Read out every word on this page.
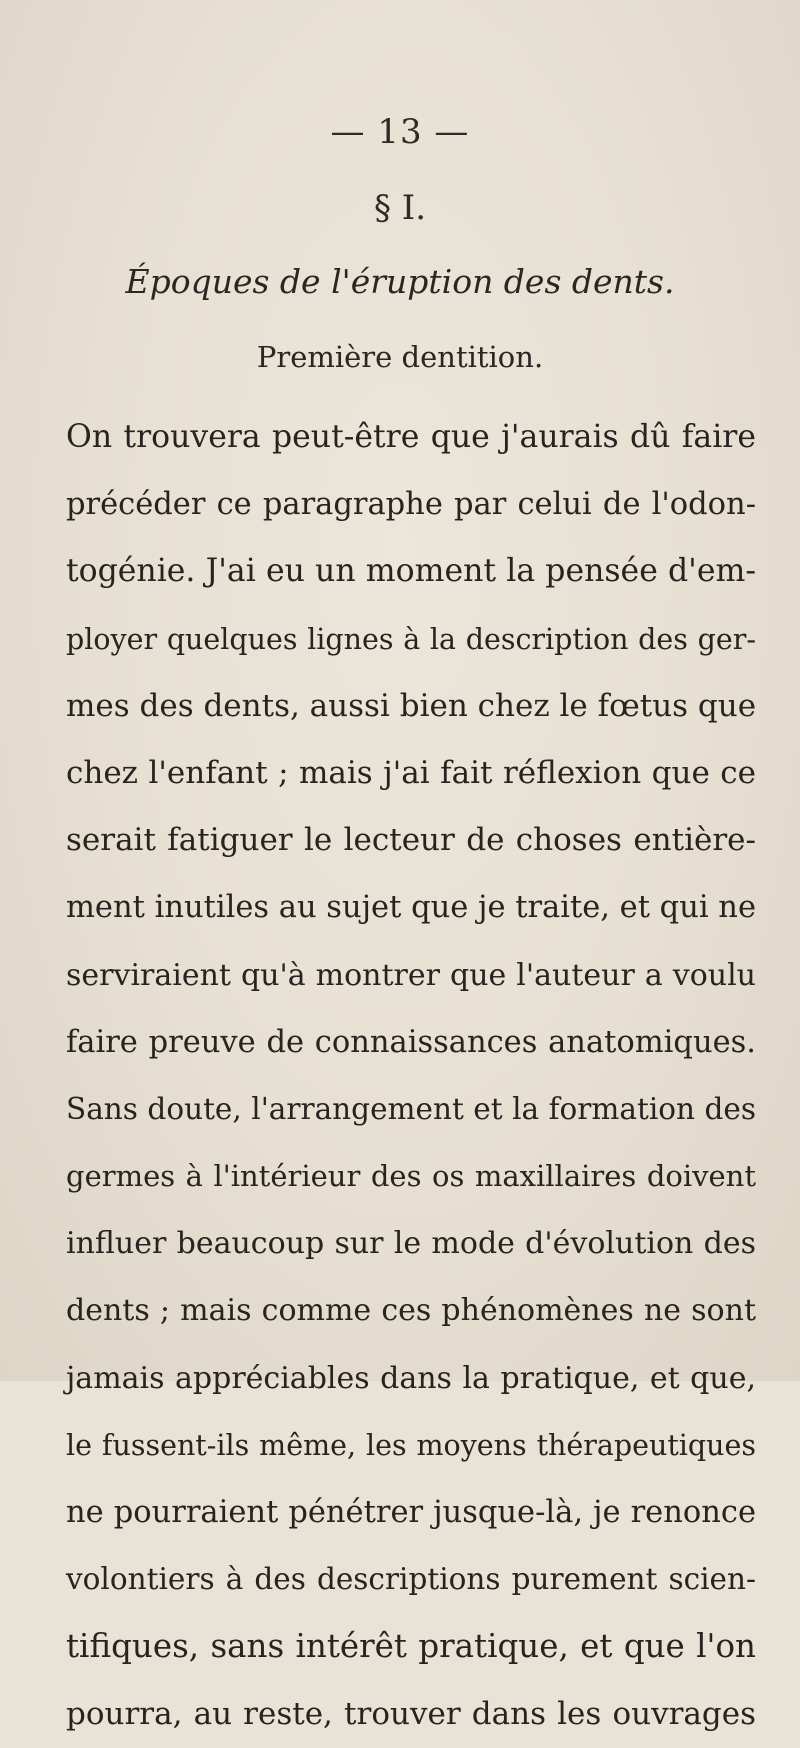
— 13 —
§ I.
Époques de l'éruption des dents.
Première dentition.
On trouvera peut-être que j'aurais dû faire
précéder ce paragraphe par celui de l'odon-
togénie. J'ai eu un moment la pensée d'em-
ployer quelques lignes à la description des ger-
mes des dents, aussi bien chez le fœtus que
chez l'enfant ; mais j'ai fait réflexion que ce
serait fatiguer le lecteur de choses entière-
ment inutiles au sujet que je traite, et qui ne
serviraient qu'à montrer que l'auteur a voulu
faire preuve de connaissances anatomiques.
Sans doute, l'arrangement et la formation des
germes à l'intérieur des os maxillaires doivent
influer beaucoup sur le mode d'évolution des
dents ; mais comme ces phénomènes ne sont
jamais appréciables dans la pratique, et que,
le fussent-ils même, les moyens thérapeutiques
ne pourraient pénétrer jusque-là, je renonce
volontiers à des descriptions purement scien-
tifiques, sans intérêt pratique, et que l'on
pourra, au reste, trouver dans les ouvrages
